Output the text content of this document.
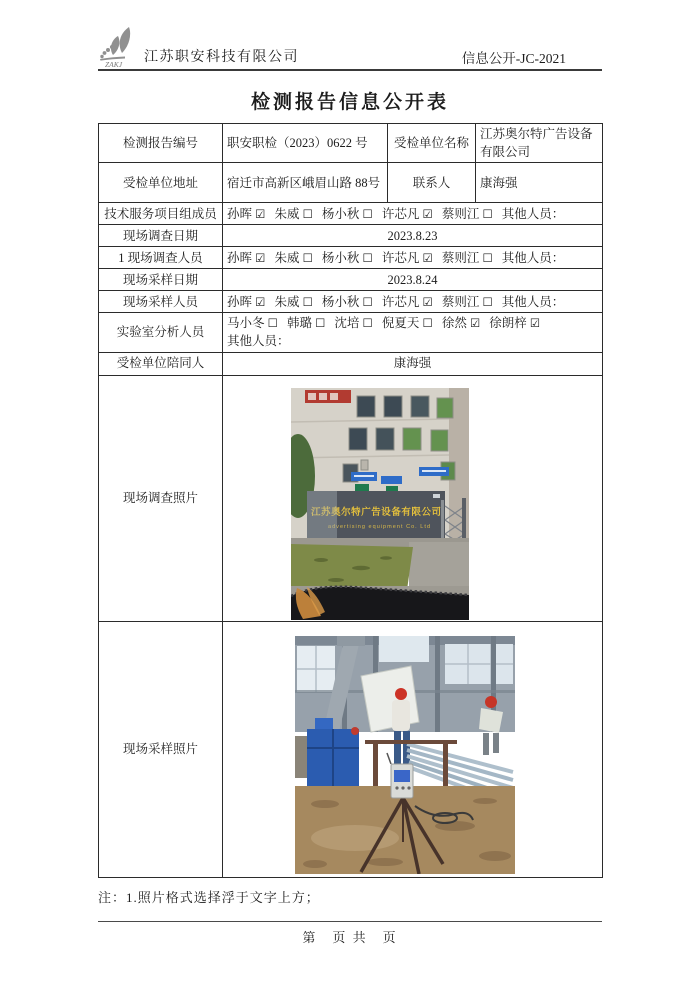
ZAKJ 江苏职安科技有限公司	信息公开-JC-2021
检测报告信息公开表
检测报告编号	职安职检（2023）0622 号	受检单位名称	江苏奥尔特广告设备有限公司
受检单位地址	宿迁市高新区峨眉山路 88号	联系人	康海强
技术服务项目组成员	孙晖 ☑ 朱威 ☐ 杨小秋 ☐ 许芯凡 ☑ 蔡则江 ☐ 其他人员：		
现场调查日期	2023.8.23		
1 现场调查人员	孙晖 ☑ 朱威 ☐ 杨小秋 ☐ 许芯凡 ☑ 蔡则江 ☐ 其他人员：		
现场采样日期	2023.8.24		
现场采样人员	孙晖 ☑ 朱威 ☐ 杨小秋 ☐ 许芯凡 ☑ 蔡则江 ☐ 其他人员：		
实验室分析人员	马小冬 ☐ 韩璐 ☐ 沈培 ☐ 倪夏天 ☐ 徐然 ☑ 徐朗梓 ☑
其他人员：		
受检单位陪同人	康海强		
现场调查照片	江苏奥尔特广告设备有限公司
advertising equipment Co. Ltd		

现场采样照片	
注：1.照片格式选择浮于文字上方；
第　页 共　页
